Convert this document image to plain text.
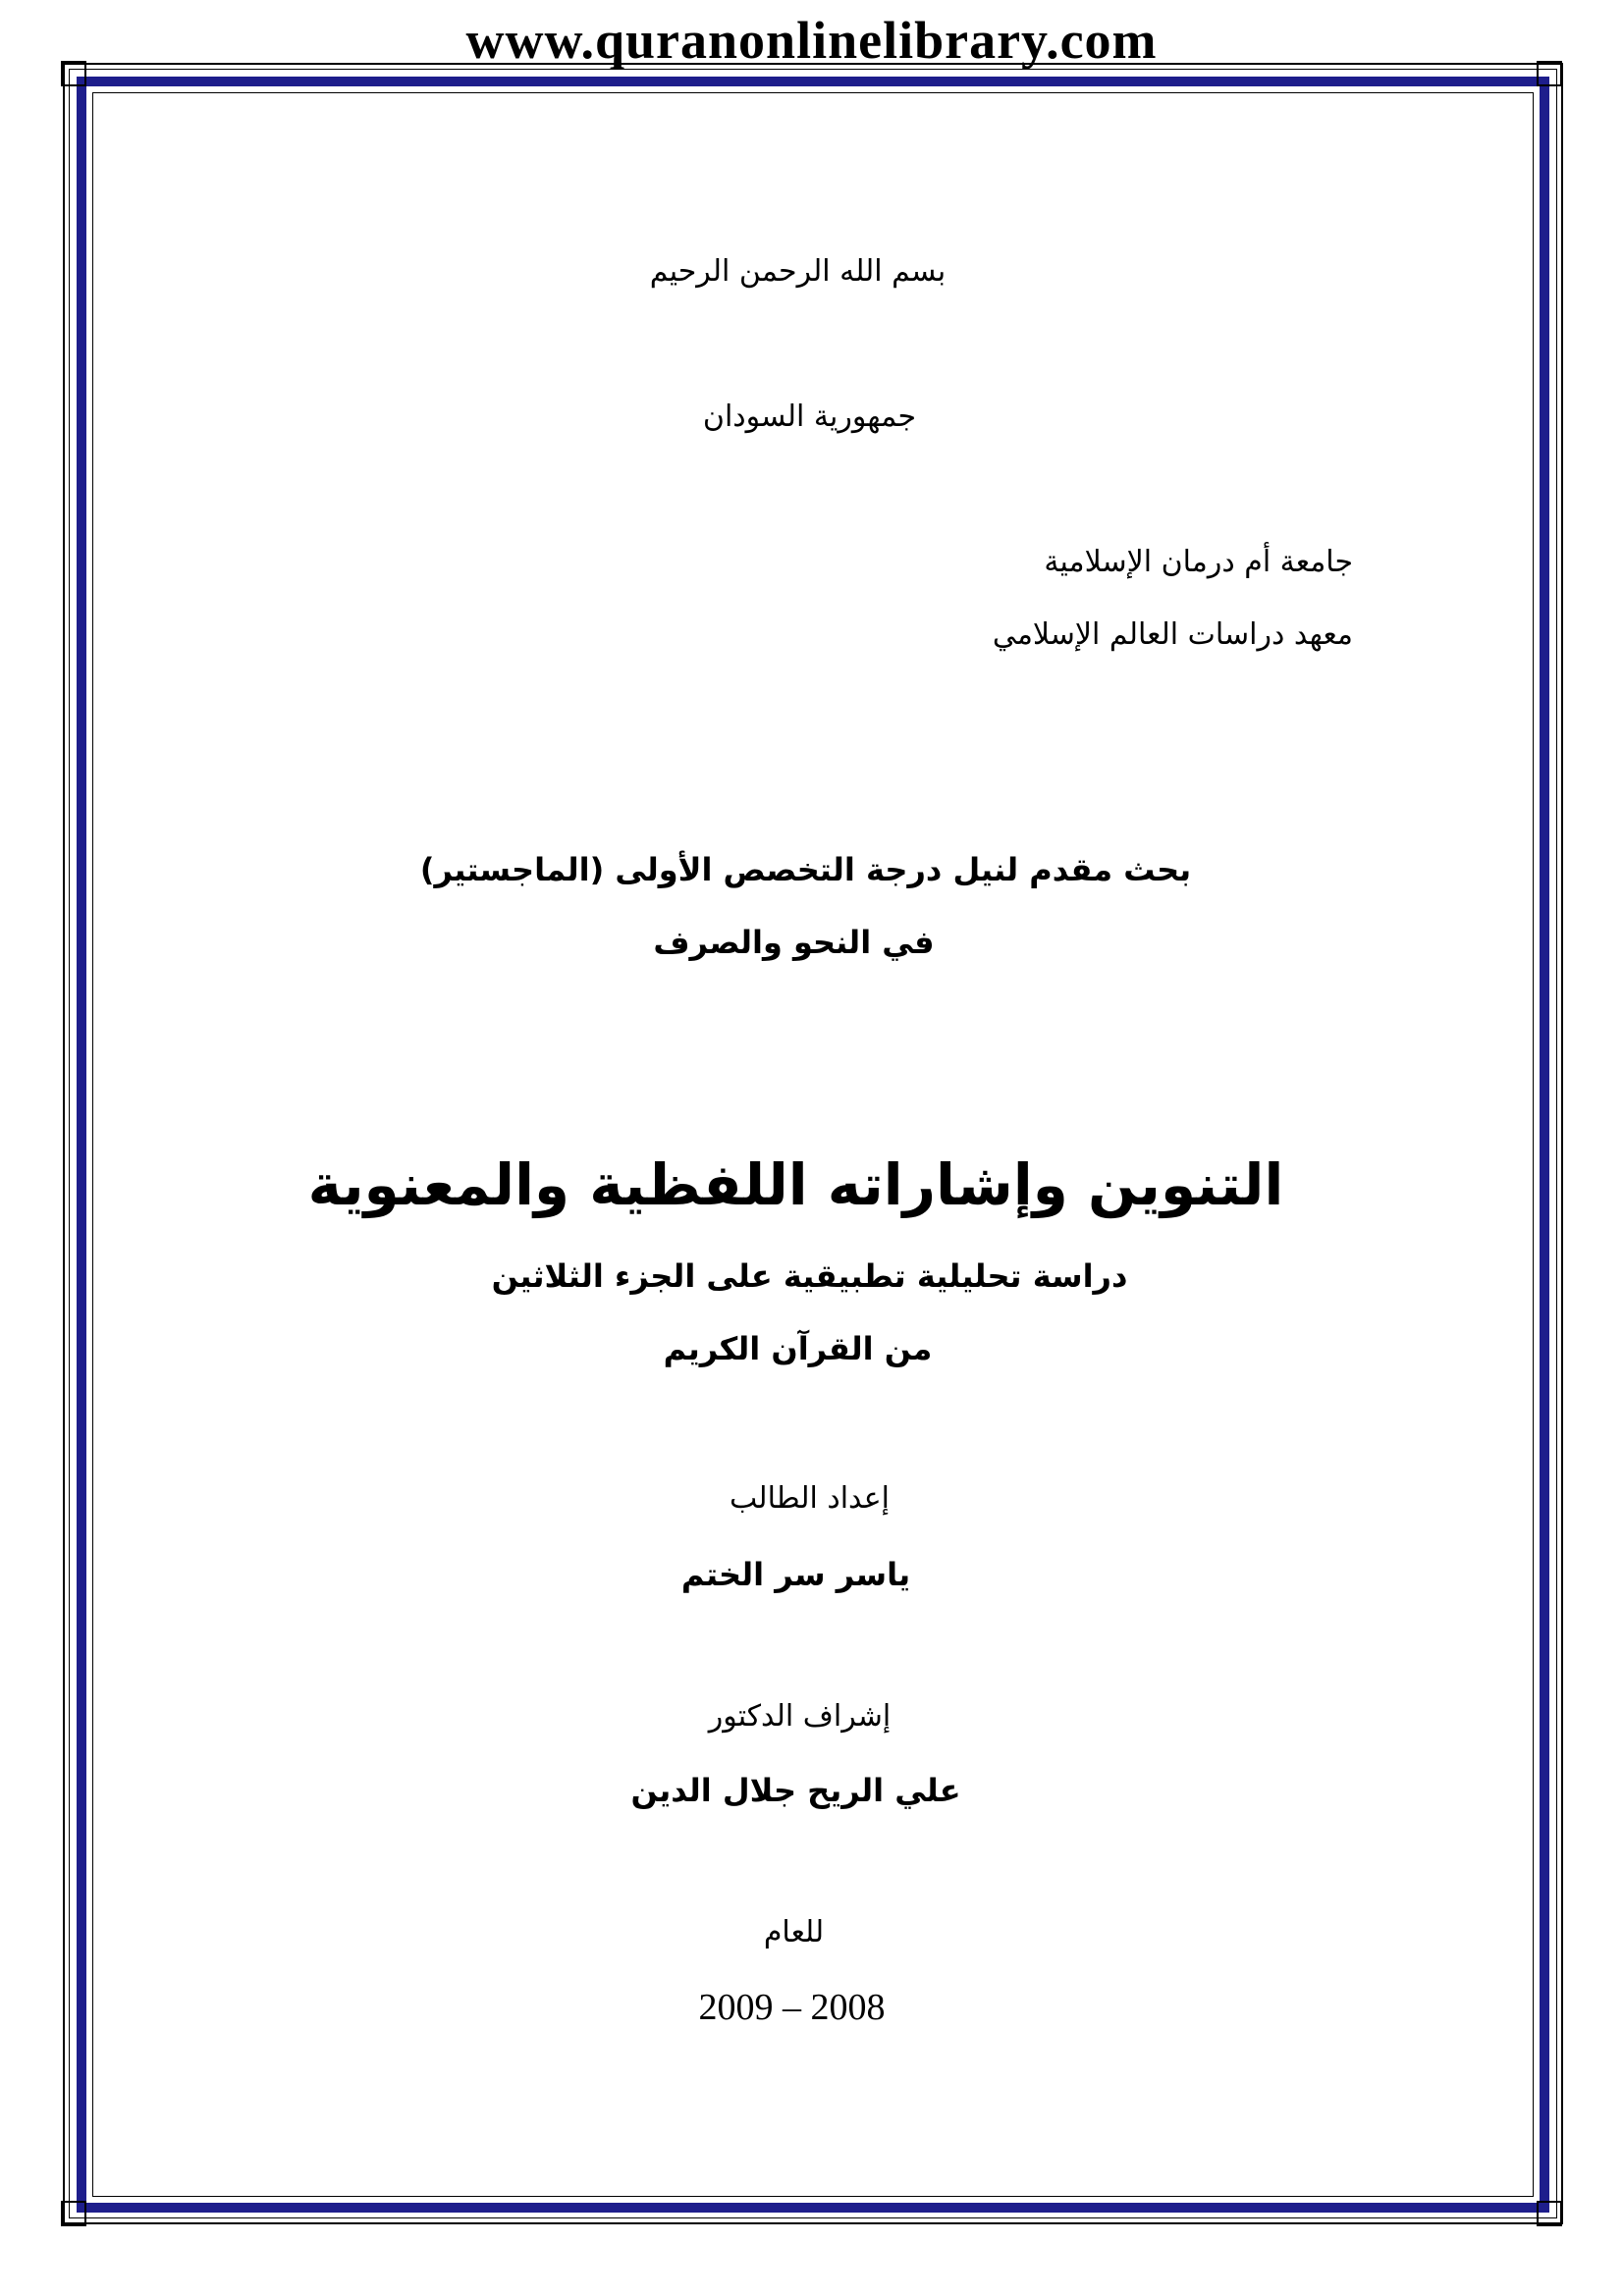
www.quranonlinelibrary.com
بسم الله الرحمن الرحيم
جمهورية السودان
جامعة أم درمان الإسلامية
معهد دراسات العالم الإسلامي
بحث مقدم لنيل درجة التخصص الأولى (الماجستير)
في النحو والصرف
التنوين وإشاراته اللفظية والمعنوية
دراسة تحليلية تطبيقية على الجزء الثلاثين
من القرآن الكريم
إعداد الطالب
ياسر سر الختم
إشراف الدكتور
علي الريح جلال الدين
للعام
2009 – 2008
